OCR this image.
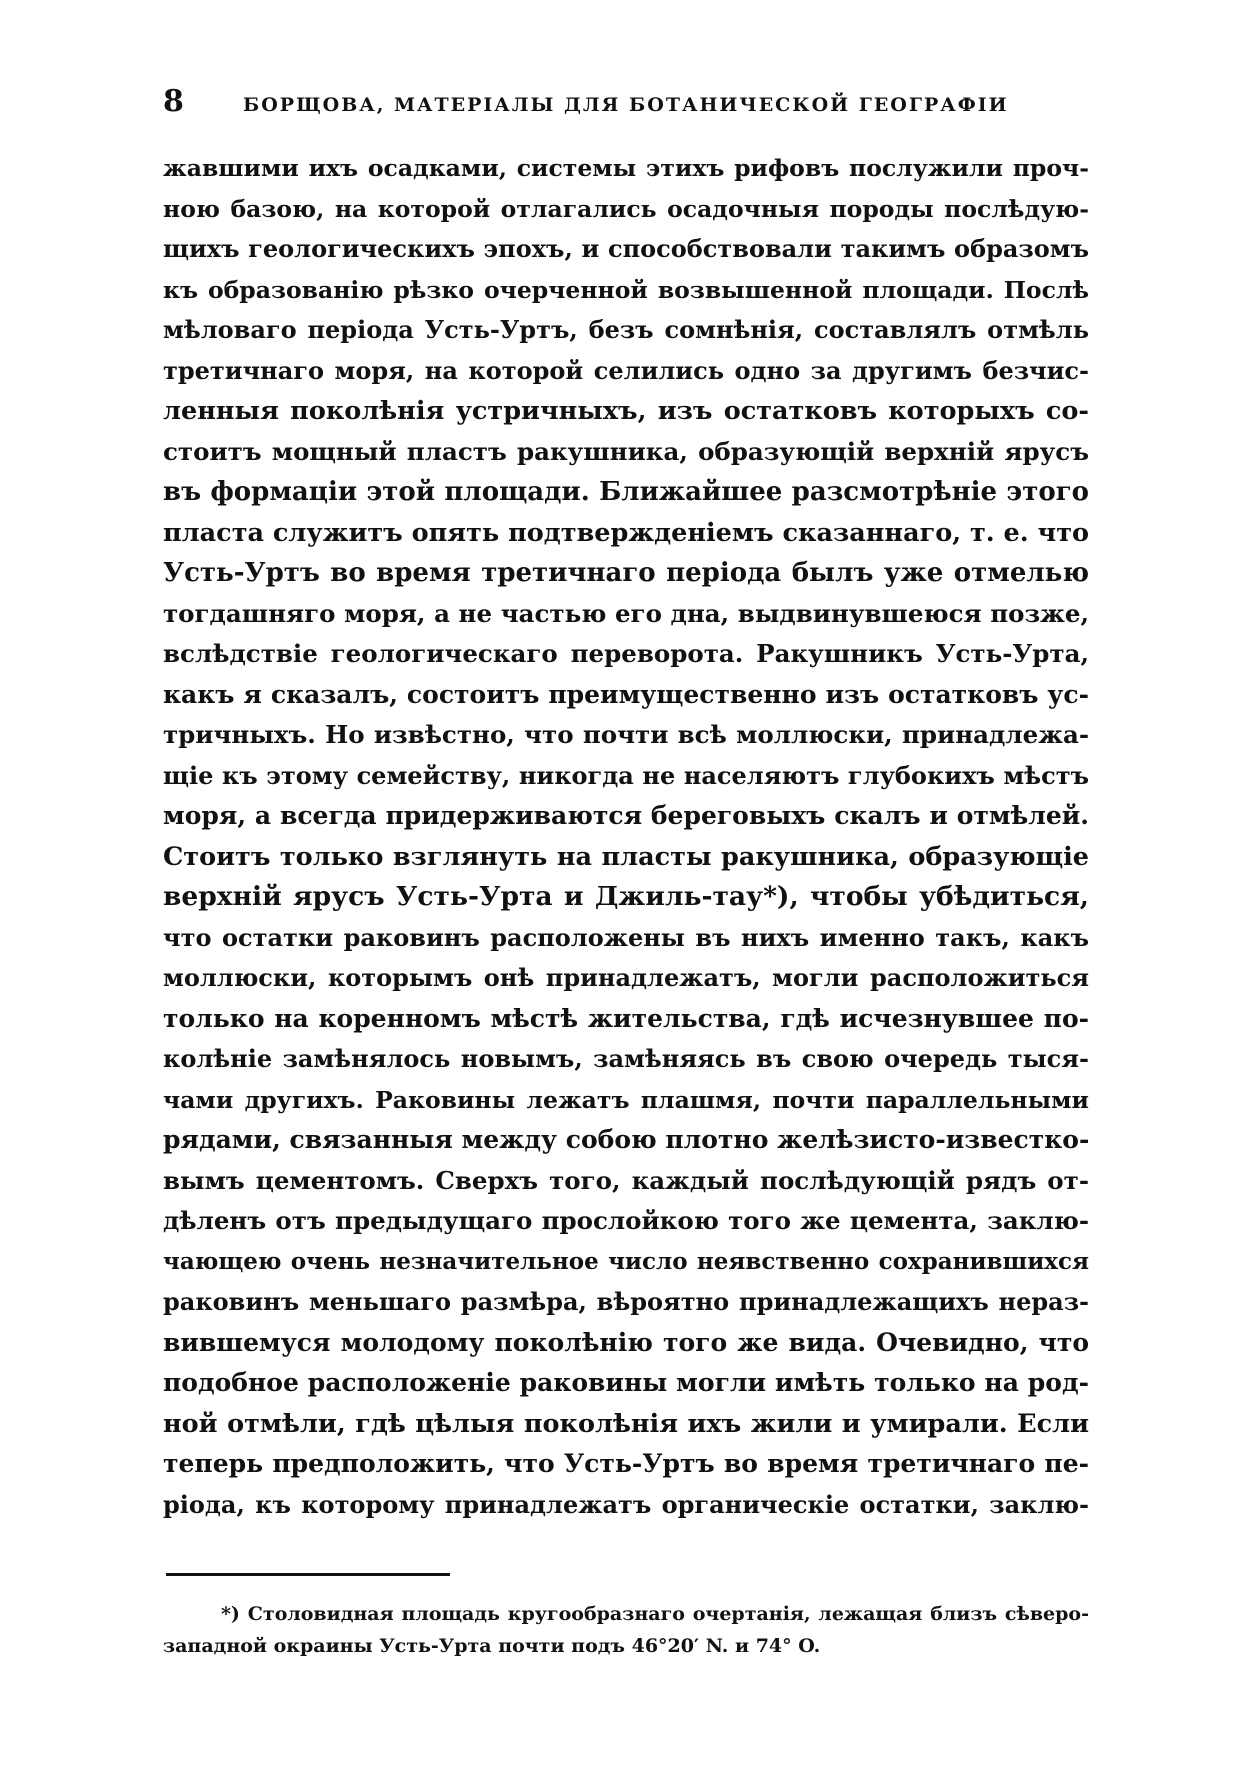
8	БОРЩОВА, МАТЕРІАЛЫ ДЛЯ БОТАНИЧЕСКОЙ ГЕОГРАФІИ
жавшими ихъ осадками, системы этихъ рифовъ послужили проч-
ною базою, на которой отлагались осадочныя породы послѣдую-
щихъ геологическихъ эпохъ, и способствовали такимъ образомъ
къ образованію рѣзко очерченной возвышенной площади. Послѣ
мѣловаго періода Усть-Уртъ, безъ сомнѣнія, составлялъ отмѣль
третичнаго моря, на которой селились одно за другимъ безчис-
ленныя поколѣнія устричныхъ, изъ остатковъ которыхъ со-
стоитъ мощный пластъ ракушника, образующій верхній ярусъ
въ формаціи этой площади. Ближайшее разсмотрѣніе этого
пласта служитъ опять подтвержденіемъ сказаннаго, т. е. что
Усть-Уртъ во время третичнаго періода былъ уже отмелью
тогдашняго моря, а не частью его дна, выдвинувшеюся позже,
вслѣдствіе геологическаго переворота. Ракушникъ Усть-Урта,
какъ я сказалъ, состоитъ преимущественно изъ остатковъ ус-
тричныхъ. Но извѣстно, что почти всѣ моллюски, принадлежа-
щіе къ этому семейству, никогда не населяютъ глубокихъ мѣстъ
моря, а всегда придерживаются береговыхъ скалъ и отмѣлей.
Стоитъ только взглянуть на пласты ракушника, образующіе
верхній ярусъ Усть-Урта и Джиль-тау*), чтобы убѣдиться,
что остатки раковинъ расположены въ нихъ именно такъ, какъ
моллюски, которымъ онѣ принадлежатъ, могли расположиться
только на коренномъ мѣстѣ жительства, гдѣ исчезнувшее по-
колѣніе замѣнялось новымъ, замѣняясь въ свою очередь тыся-
чами другихъ. Раковины лежатъ плашмя, почти параллельными
рядами, связанныя между собою плотно желѣзисто-известко-
вымъ цементомъ. Сверхъ того, каждый послѣдующій рядъ от-
дѣленъ отъ предыдущаго прослойкою того же цемента, заклю-
чающею очень незначительное число неявственно сохранившихся
раковинъ меньшаго размѣра, вѣроятно принадлежащихъ нераз-
вившемуся молодому поколѣнію того же вида. Очевидно, что
подобное расположеніе раковины могли имѣть только на род-
ной отмѣли, гдѣ цѣлыя поколѣнія ихъ жили и умирали. Если
теперь предположить, что Усть-Уртъ во время третичнаго пе-
ріода, къ которому принадлежатъ органическіе остатки, заклю-
*) Столовидная площадь кругообразнаго очертанія, лежащая близъ сѣверо-
западной окраины Усть-Урта почти подъ 46°20′ N. и 74° O.
